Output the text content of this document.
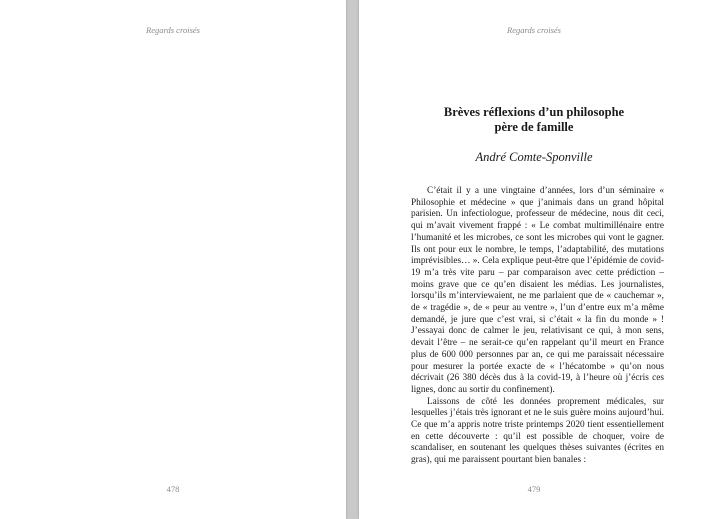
Regards croisés
478
Regards croisés
Brèves réflexions d’un philosophe
père de famille
André Comte-Sponville

C’était il y a une vingtaine d’années, lors d’un séminaire « Philosophie et médecine » que j’animais dans un grand hôpital parisien. Un infectiologue, professeur de médecine, nous dit ceci, qui m’avait vivement frappé : « Le combat multimillénaire entre l’humanité et les microbes, ce sont les microbes qui vont le gagner. Ils ont pour eux le nombre, le temps, l’adaptabilité, des mutations imprévisibles… ». Cela explique peut-être que l’épidémie de covid-19 m’a très vite paru – par comparaison avec cette prédiction – moins grave que ce qu’en disaient les médias. Les journalistes, lorsqu’ils m’interviewaient, ne me parlaient que de « cauchemar », de « tragédie », de « peur au ventre », l’un d’entre eux m’a même demandé, je jure que c’est vrai, si c’était « la fin du monde » ! J’essayai donc de calmer le jeu, relativisant ce qui, à mon sens, devait l’être – ne serait-ce qu’en rappelant qu’il meurt en France plus de 600 000 personnes par an, ce qui me paraissait nécessaire pour mesurer la portée exacte de « l’hécatombe » qu’on nous décrivait (26 380 décès dus à la covid-19, à l’heure où j’écris ces lignes, donc au sortir du confinement).

Laissons de côté les données proprement médicales, sur lesquelles j’étais très ignorant et ne le suis guère moins aujourd’hui. Ce que m’a appris notre triste printemps 2020 tient essentiellement en cette découverte : qu’il est possible de choquer, voire de scandaliser, en soutenant les quelques thèses suivantes (écrites en gras), qui me paraissent pourtant bien banales :

479
